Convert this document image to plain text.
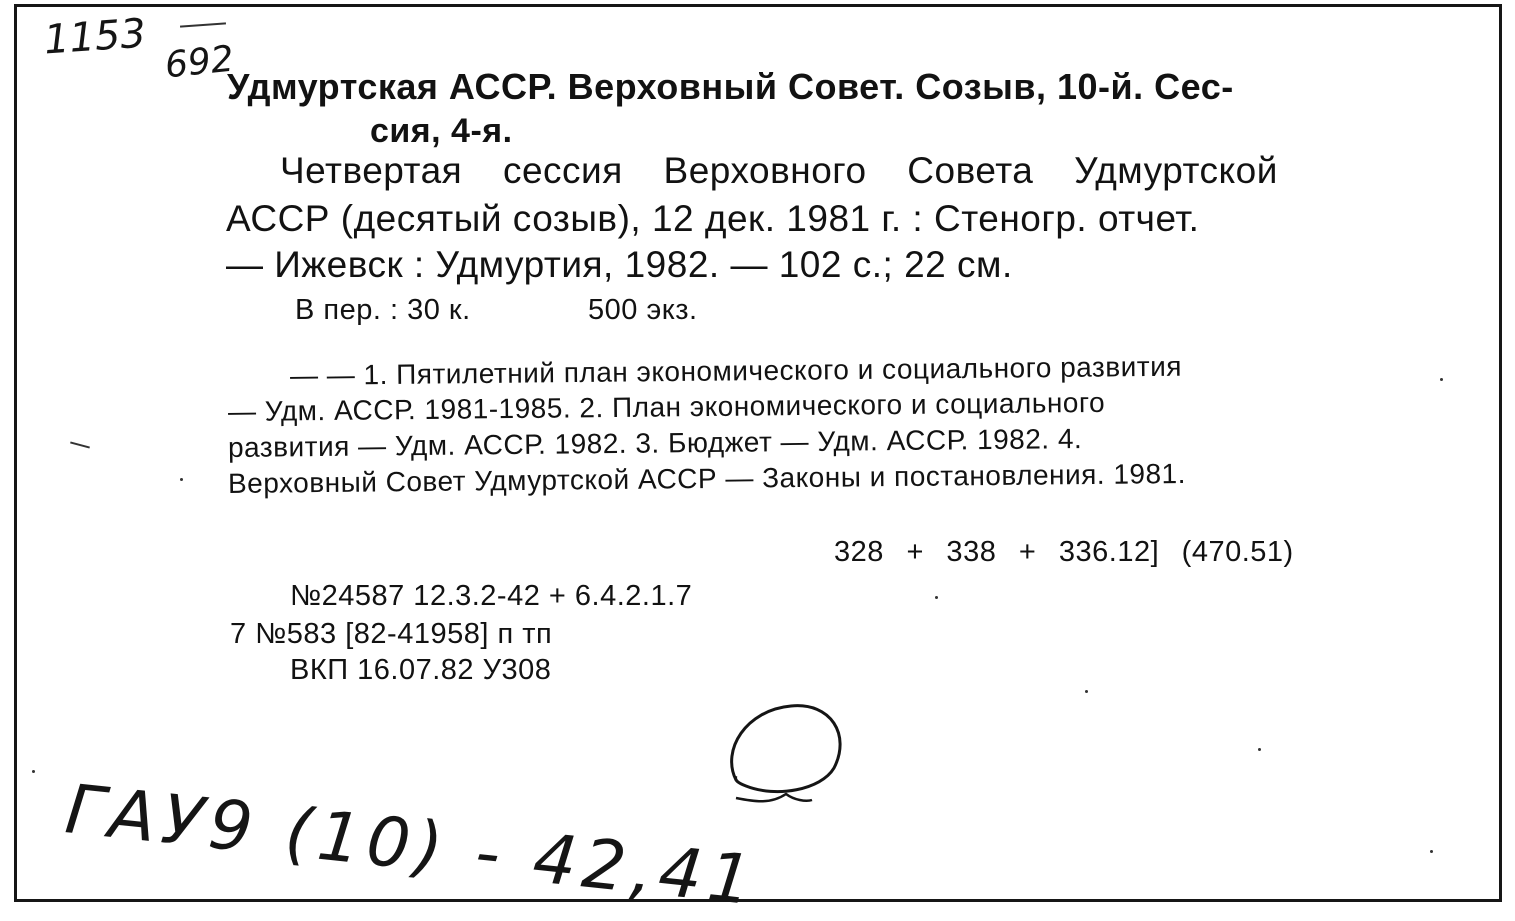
1153 692
Удмуртская АССР. Верховный Совет. Созыв, 10-й. Сес-
сия, 4-я.
Четвертая сессия Верховного Совета Удмуртской
АССР (десятый созыв), 12 дек. 1981 г. : Стеногр. отчет.
— Ижевск : Удмуртия, 1982. — 102 с.; 22 см.
В пер. : 30 к.	500 экз.
— — 1. Пятилетний план экономического и социального развития
— Удм. АССР. 1981-1985. 2. План экономического и социального
развития — Удм. АССР. 1982. 3. Бюджет — Удм. АССР. 1982. 4.
Верховный Совет Удмуртской АССР — Законы и постановления. 1981.
328 + 338 + 336.12] (470.51)
№24587 12.3.2-42 + 6.4.2.1.7
7 №583 [82-41958] п тп
ВКП 16.07.82 У308
ГАУ9 (10) - 42,41
